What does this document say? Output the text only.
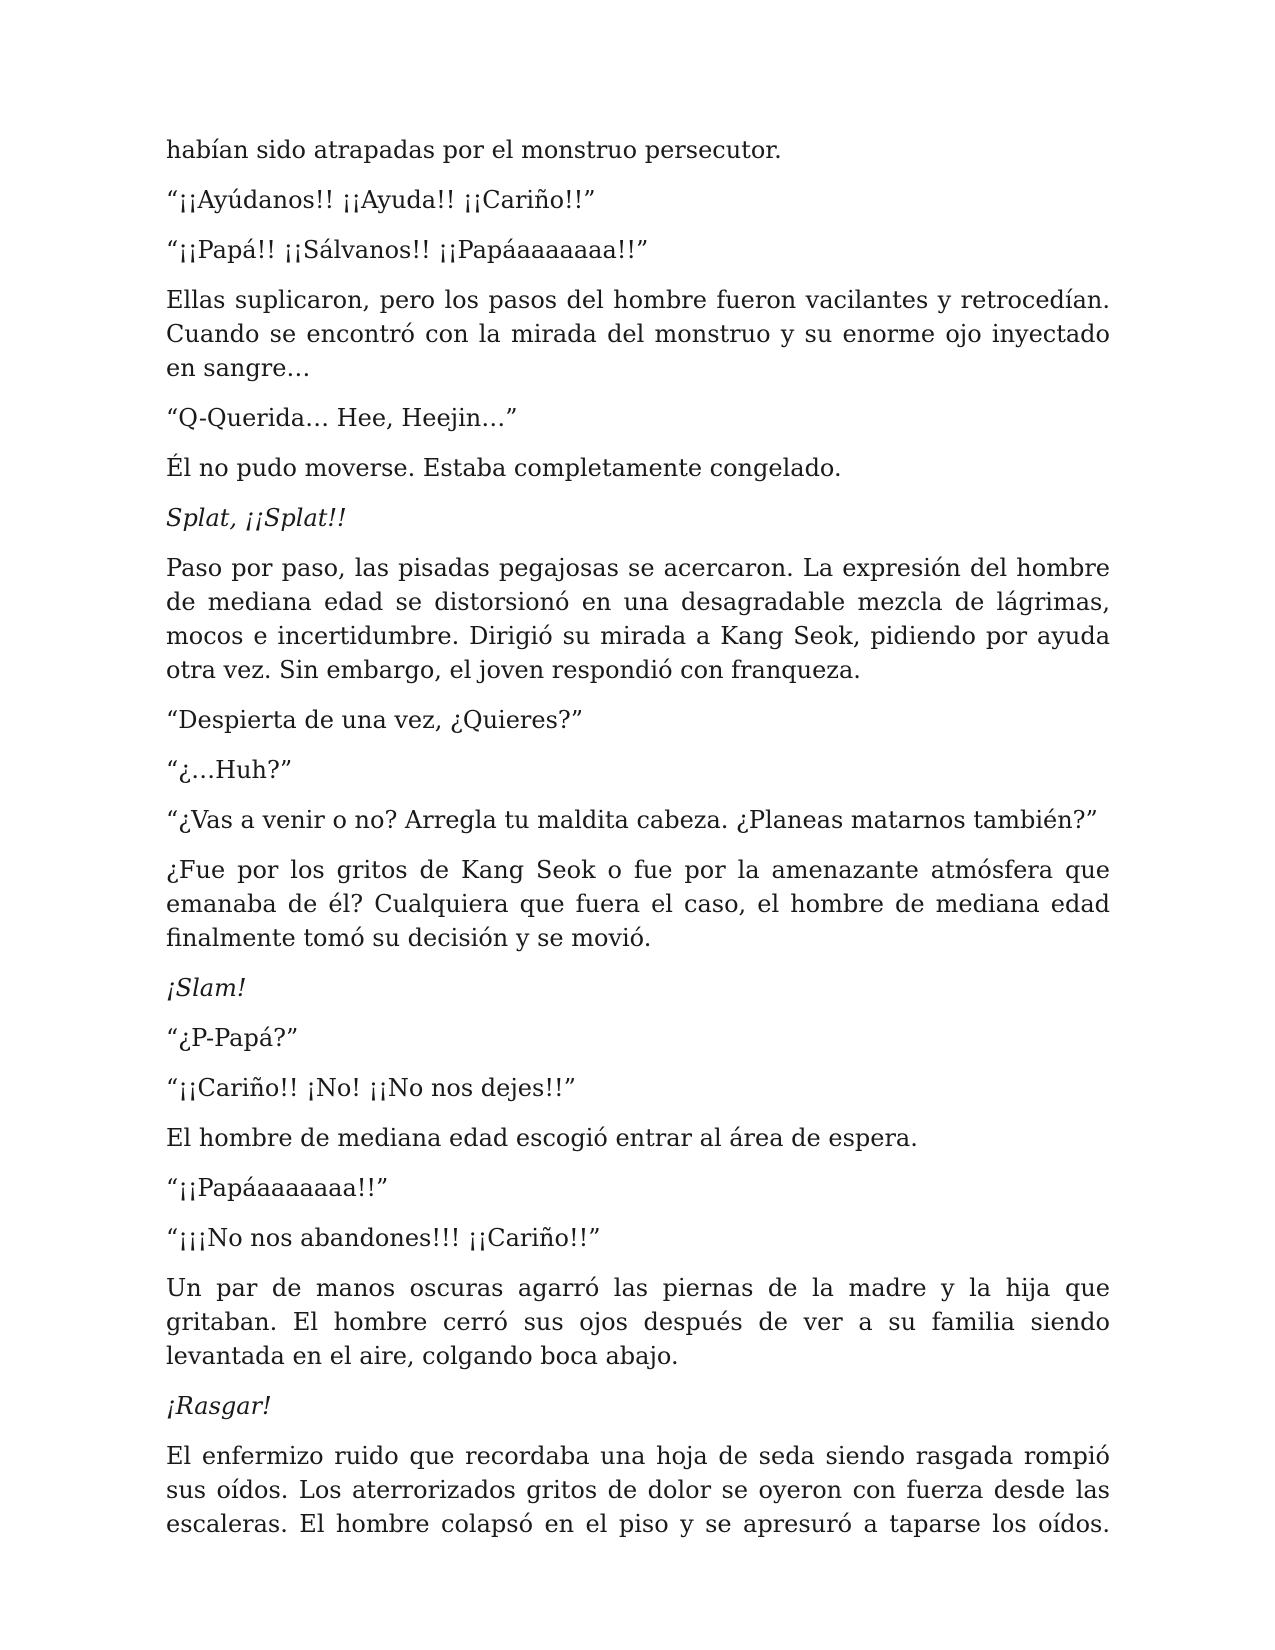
habían sido atrapadas por el monstruo persecutor.

“¡¡Ayúdanos!! ¡¡Ayuda!! ¡¡Cariño!!”

“¡¡Papá!! ¡¡Sálvanos!! ¡¡Papáaaaaaaa!!”

Ellas suplicaron, pero los pasos del hombre fueron vacilantes y retrocedían. Cuando se encontró con la mirada del monstruo y su enorme ojo inyectado en sangre…

“Q-Querida… Hee, Heejin…”

Él no pudo moverse. Estaba completamente congelado.

Splat, ¡¡Splat!!

Paso por paso, las pisadas pegajosas se acercaron. La expresión del hombre de mediana edad se distorsionó en una desagradable mezcla de lágrimas, mocos e incertidumbre. Dirigió su mirada a Kang Seok, pidiendo por ayuda otra vez. Sin embargo, el joven respondió con franqueza.

“Despierta de una vez, ¿Quieres?”

“¿…Huh?”

“¿Vas a venir o no? Arregla tu maldita cabeza. ¿Planeas matarnos también?”

¿Fue por los gritos de Kang Seok o fue por la amenazante atmósfera que emanaba de él? Cualquiera que fuera el caso, el hombre de mediana edad finalmente tomó su decisión y se movió.

¡Slam!

“¿P-Papá?”

“¡¡Cariño!! ¡No! ¡¡No nos dejes!!”

El hombre de mediana edad escogió entrar al área de espera.

“¡¡Papáaaaaaaa!!”

“¡¡¡No nos abandones!!! ¡¡Cariño!!”

Un par de manos oscuras agarró las piernas de la madre y la hija que gritaban. El hombre cerró sus ojos después de ver a su familia siendo levantada en el aire, colgando boca abajo.

¡Rasgar!

El enfermizo ruido que recordaba una hoja de seda siendo rasgada rompió sus oídos. Los aterrorizados gritos de dolor se oyeron con fuerza desde las escaleras. El hombre colapsó en el piso y se apresuró a taparse los oídos.
